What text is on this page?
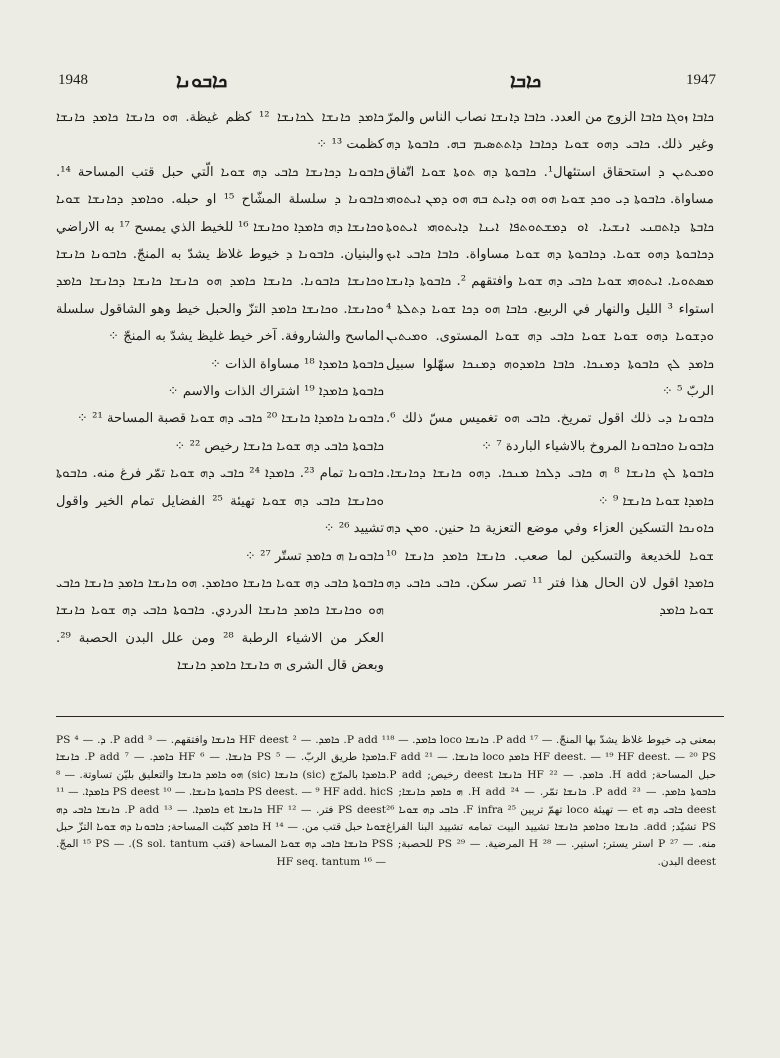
1948	ܟܐܒܘܢܐ	ܟܐܒܐ	1947

ܟܐܡܕ ܟܐܢܫܐ ܠܟܐܢܫܐ ¹² كظم غيظة. ܗܘ ܟܐܢܫܐ ܟܐܡܕ ܟܐܢܫܐ كظمت ¹³ ⁘

ܟܐܒܘܢܐ ܕܟܐܢܫܐ ܟܐܒܝ ܕܗ ܫܘܝܐ الّتي حبل قتب المساحة ¹⁴. ܟܐܒܘܢܐ ܕ سلسلة المشّاح ¹⁵ او حبله. ܘܟܐܡܕ ܕܟܐܢܫܐ ܫܘܝܐ ܘܟܐܢܫܐ ܕܗ ܟܐܡܕܐ ܘܟܐܢܫܐ ¹⁶ للخيط الذي يمسح ¹⁷ به الاراضي والبنيان. ܟܐܒܘܢܐ ܕ خيوط غلاظ يشدّ به المنجّ. ܟܐܒܘܢܐ ܟܐܢܫܐ ܘܟܐܢܫܐ ܟܐܒܘܢܐ. ܟܐܢܫܐ ܟܐܡܕ ܗܘ ܟܐܢܫܐ ܟܐܢܫܐ ܕܟܐܢܫܐ ܟܐܡܕ ܘܟܐܢܫܐ. ܘܟܐܢܫܐ ܟܐܡܕ التزّ والحبل خيط وهو الشاقول سلسلة الماسح والشاروفة. آخر خيط غليظ يشدّ به المنجّ ⁘

ܟܐܒܘܬܐ ܟܐܡܕܐ ¹⁸ مساواة الذات ⁘

ܟܐܒܘܬܐ ܟܐܡܕܐ ¹⁹ اشتراك الذات والاسم ⁘

ܟܐܒܘܢܐ ܟܐܡܕܐ ܟܐܢܫܐ ²⁰ ܟܐܒܝ ܕܗ ܫܘܝܐ قصبة المساحة ²¹ ⁘

ܟܐܒܘܬܐ ܟܐܒܝ ܕܗ ܫܘܝܐ ܟܐܢܫܐ رخيص ²² ⁘

ܟܐܒܘܢܐ تمام ²³. ܟܐܡܕܐ ²⁴ ܟܐܒܝ ܕܗ ܫܘܝܐ تمّر فرغ منه. ܟܐܒܘܬܐ ܘܟܐܢܫܐ ܟܐܒܝ ܕܗ ܫܘܝܐ تهيئة ²⁵ الفضايل تمام الخير واقول تشييد ²⁶ ⁘

ܟܐܒܘܢܐ ܗ ܟܐܡܕ تستّر ²⁷ ⁘

ܟܐܒܘܬܐ ܟܐܒܝ ܕܗ ܫܘܝܐ ܟܐܢܫܐ ܘܟܐܡܕ. ܗܘ ܟܐܢܫܐ ܟܐܡܕ ܟܐܢܫܐ ܟܐܒܝ ܗܘ ܘܟܐܢܫܐ ܟܐܡܕ ܟܐܢܫܐ الدردي. ܟܐܒܘܬܐ ܟܐܒܝ ܕܗ ܫܘܝܐ ܟܐܢܫܐ العكر من الاشياء الرطبة ²⁸ ومن علل البدن الحصبة ²⁹. وبعض قال الشرى ܗ ܟܐܢܫܐ ܟܐܡܕ ܟܐܢܫܐ

ܟܐܒܐ ܙܘܓܐ ܟܐܒܐ الزوج من العدد. ܟܐܒܐ ܕܐܢܫܐ نصاب الناس والمرّ وغير ذلك. ܟܐܒܝ ܕܗܘ ܫܘܝܐ ܕܟܐܒܐ ܕܐܬܬܣܝܡ ܒܗ. ܟܐܒܘܬܐ ܕܗ ܘܡܝܬܝܢ ܕ استحقاق استئهال¹. ܟܐܒܘܬܐ ܕܗ ܬܘܬܐ ܫܘܝܐ اتّفاق مساواة. ܟܐܒܘܬܐ ܕܝ ܘܟܕ ܫܘܝܐ ܗܘ ܗܘ ܕܐܝܬ ܒܗ ܗܘ ܕܡܢ ܐܝܬܘܗܝ ܟܐܒܬܐ ܕܐܬܩܢܝ ܐܢܫܝܐ. ܐܘ ܕܡܫܬܘܬܦܐ ܐܝܢܐ ܕܐܝܬܘܗܝ ܐܝܬܘܬܐ ܕܟܐܒܘܬܐ ܕܗܘ ܫܘܝܐ. ܕܟܐܒܘܬܐ ܕܗ ܫܘܝܐ مساواة. ܟܐܒܐ ܟܐܒܝ ܐܝܟ ܡܣܬܘܝܐ. ܐܝܬܘܗܝ ܫܘܝܐ ܟܐܒܝ ܕܗ ܫܘܝܐ وافتقهم ². ܟܐܒܘܬܐ ܕܐܢܫܐ استواء ³ الليل والنهار في الربيع. ܟܐܒܐ ܗܘ ܕܟܐ ܫܘܝܐ ܕܬܠܬܐ ⁴ ܘܕܫܘܝܐ ܕܗܘ ܫܘܝܐ ܫܘܝܐ ܟܐܒܝ ܕܗ ܫܘܝܐ المستوى. ܘܡܝܬܝܢ ܟܐܡܕ ܠܟ ܟܐܒܘܬܐ ܕܡܢܟܐ. ܟܐܒܐ ܟܐܡܕܘܗ ܕܡܢܟܐ سهّلوا سبيل الربّ ⁵ ⁘

ܟܐܒܘܢܐ ܕܝ ذلك اقول تمريخ. ܟܐܒܝ ܗܘ تغميس مسّ ذلك ⁶. ܟܐܒܘܢܐ ܘܟܐܒܘܢܐ المروخ بالاشياء الباردة ⁷ ⁘

ܟܐܒܘܬܐ ܠܟ ܟܐܢܫܐ ⁸ ܗ ܟܐܒܝ ܕܠܟܐ ܡܢܟܐ. ܕܗܘ ܟܐܢܫܐ ܕܟܐܢܫܐ. ܟܐܡܕܐ ܫܘܝܐ ܟܐܢܫܐ ⁹ ⁘

ܟܐܘܢܟܐ التسكين العزاء وفي موضع التعزية ܟܐ حنين. ܘܡܢ ܕܗ ܫܘܝܐ للخديعة والتسكين لما صعب. ܟܐܢܫܐ ܟܐܡܕ ܟܐܢܫܐ ¹⁰ ܟܐܡܕܐ اقول لان الحال هذا فتر ¹¹ تصر سكن. ܟܐܒܝ ܟܐܒܝ ܕܗ ܫܘܝܐ ܟܐܡܕ

¹ P add. ܟܐܡܕ. — ² HF deest ܟܐܢܫܐ وافتقهم. — ³ P add. ܕ. — ⁴ PS ܟܐܡܕܐ طريق الربّ. — ⁵ PS ܟܐܢܫܐ. — ⁶ HF ܟܐܡܕ. — ⁷ P add. ܟܐܢܫܐ ܟܐܡܕܐ بالمرّج (sic) ܟܐܢܫܐ (sic) ܗܘ ܟܐܡܕ ܟܐܢܫܐ والتعليق بليّن تساوتة. — ⁸ PS deest. — ⁹ HF add. hic ܟܐܒܘܬܐ ܟܐܢܫܐ. — ¹⁰ PS deest ܟܐܡܕܐ. — ¹¹ PS deest فتر. — ¹² HF ܟܐܢܫܐ et ܟܐܡܕܐ. — ¹³ P add. ܟܐܢܫܐ ܟܐܒܝ ܕܗ ܫܘܝܐ حبل قتب من. — ¹⁴ H ܟܐܡܕ كتّبت المساحة; ܟܐܒܘܢܐ ܕܗ ܫܘܝܐ التزّ حبل PS ܟܐܢܫܐ ܟܐܒܝ ܕܗ ܫܘܝܐ المساحة (قتب S sol. tantum). — ¹⁵ PS المجّ. — ¹⁶ HF seq. tantum

بمعنى ܕܝ خيوط غلاظ يشدّ بها المنجّ. — ¹⁷ P add. ܟܐܢܫܐ loco ܟܐܡܕ. — ¹⁸ HF deest. — ¹⁹ HF deest. — ²⁰ PS ܟܐܡܕ loco ܟܐܢܫܐ. — ²¹ F add. حبل المساحة; H add. ܟܐܡܕ. — ²² HF ܟܐܢܫܐ deest رخيص; P add. ܟܐܒܘܬܐ ܟܐܡܕ. — ²³ P add. ܟܐܢܫܐ تمّر. — ²⁴ H add. ܗ ܟܐܡܕ ܟܐܢܫܐ; S deest ܟܐܒܝ ܕܗ et — تهيئة loco تهمّ تريين ²⁵ F infra. ܟܐܒܝ ܕܗ ܫܘܝܐ ²⁶ PS تشيّد; add. ܟܐܢܫܐ ܘܟܐܡܕ ܟܐܢܫܐ تشييد البيت تمامه تشييد البنا الفراغ منه. — ²⁷ P استر يستر; استير. — ²⁸ H المرضية. — ²⁹ PS للحصبة; S deest البدن.
